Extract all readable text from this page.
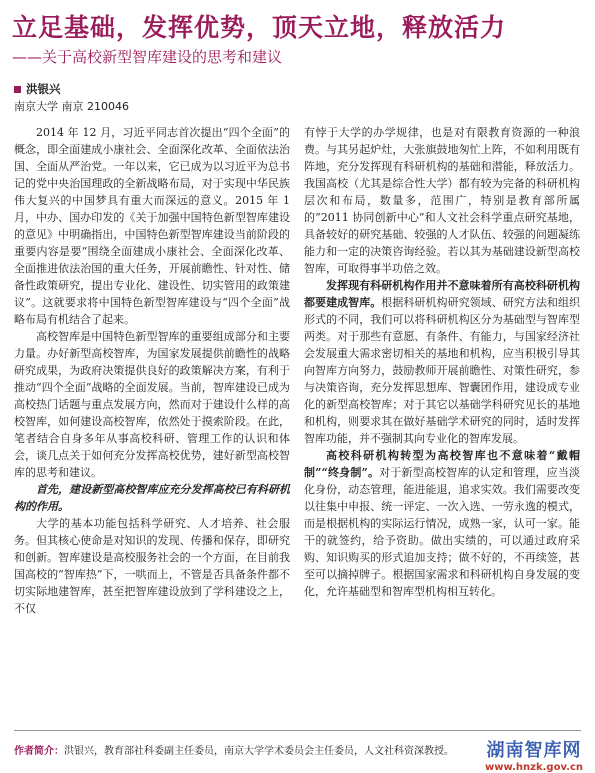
立足基础，发挥优势，顶天立地，释放活力
——关于高校新型智库建设的思考和建议
洪银兴
南京大学 南京 210046

2014 年 12 月，习近平同志首次提出“四个全面”的概念，即全面建成小康社会、全面深化改革、全面依法治国、全面从严治党。一年以来，它已成为以习近平为总书记的党中央治国理政的全新战略布局，对于实现中华民族伟大复兴的中国梦具有重大而深远的意义。2015 年 1 月，中办、国办印发的《关于加强中国特色新型智库建设的意见》中明确指出，中国特色新型智库建设当前阶段的重要内容是要“围绕全面建成小康社会、全面深化改革、全面推进依法治国的重大任务，开展前瞻性、针对性、储备性政策研究，提出专业化、建设性、切实管用的政策建议”。这就要求将中国特色新型智库建设与“四个全面”战略布局有机结合了起来。

高校智库是中国特色新型智库的重要组成部分和主要力量。办好新型高校智库，为国家发展提供前瞻性的战略研究成果，为政府决策提供良好的政策解决方案，有利于推动“四个全面”战略的全面发展。当前，智库建设已成为高校热门话题与重点发展方向，然而对于建设什么样的高校智库，如何建设高校智库，依然处于摸索阶段。在此，笔者结合自身多年从事高校科研、管理工作的认识和体会，谈几点关于如何充分发挥高校优势，建好新型高校智库的思考和建议。

首先，建设新型高校智库应充分发挥高校已有科研机构的作用。

大学的基本功能包括科学研究、人才培养、社会服务。但其核心使命是对知识的发现、传播和保存，即研究和创新。智库建设是高校服务社会的一个方面，在目前我国高校的“智库热”下，一哄而上，不管是否具备条件都不切实际地建智库，甚至把智库建设放到了学科建设之上，不仅

有悖于大学的办学规律，也是对有限教育资源的一种浪费。与其另起炉灶，大张旗鼓地匆忙上阵，不如利用既有阵地，充分发挥现有科研机构的基础和潜能，释放活力。我国高校（尤其是综合性大学）都有较为完备的科研机构层次和布局，数量多，范围广，特别是教育部所属的“2011 协同创新中心”和人文社会科学重点研究基地，具备较好的研究基础、较强的人才队伍、较强的问题凝练能力和一定的决策咨询经验。若以其为基础建设新型高校智库，可取得事半功倍之效。

发挥现有科研机构作用并不意味着所有高校科研机构都要建成智库。根据科研机构研究领域、研究方法和组织形式的不同，我们可以将科研机构区分为基础型与智库型两类。对于那些有意愿、有条件、有能力，与国家经济社会发展重大需求密切相关的基地和机构，应当积极引导其向智库方向努力，鼓励教师开展前瞻性、对策性研究，参与决策咨询，充分发挥思想库、智囊团作用，建设成专业化的新型高校智库；对于其它以基础学科研究见长的基地和机构，则要求其在做好基础学术研究的同时，适时发挥智库功能，并不强制其向专业化的智库发展。

高校科研机构转型为高校智库也不意味着“戴帽制”“终身制”。对于新型高校智库的认定和管理，应当淡化身份，动态管理，能进能退，追求实效。我们需要改变以往集中申报、统一评定、一次入选、一劳永逸的模式，而是根据机构的实际运行情况，成熟一家，认可一家。能干的就签约，给予资助。做出实绩的，可以通过政府采购、知识购买的形式追加支持；做不好的，不再续签，甚至可以摘掉牌子。根据国家需求和科研机构自身发展的变化，允许基础型和智库型机构相互转化。

作者简介：洪银兴，教育部社科委副主任委员，南京大学学术委员会主任委员，人文社科资深教授。 湖南智库网
www.hnzk.gov.cn
